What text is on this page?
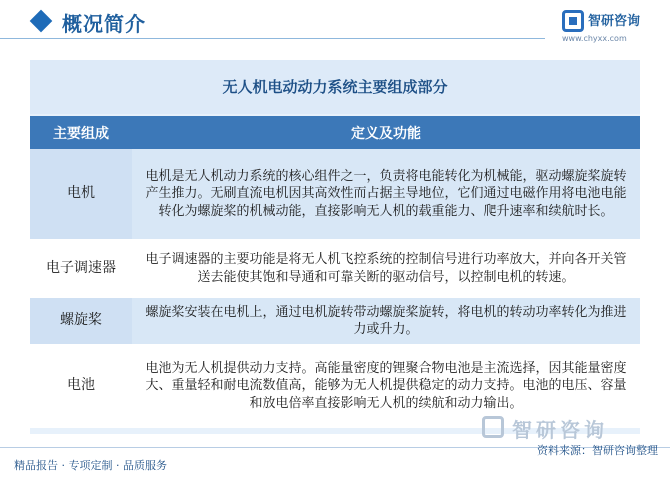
概况简介	智研咨询
www.chyxx.com
无人机电动动力系统主要组成部分
主要组成	定义及功能
电机	电机是无人机动力系统的核心组件之一，负责将电能转化为机械能，驱动螺旋桨旋转产生推力。无刷直流电机因其高效性而占据主导地位，它们通过电磁作用将电池电能转化为螺旋桨的机械动能，直接影响无人机的载重能力、爬升速率和续航时长。
电子调速器	电子调速器的主要功能是将无人机飞控系统的控制信号进行功率放大，并向各开关管送去能使其饱和导通和可靠关断的驱动信号，以控制电机的转速。
螺旋桨	螺旋桨安装在电机上，通过电机旋转带动螺旋桨旋转，将电机的转动功率转化为推进力或升力。
电池	电池为无人机提供动力支持。高能量密度的锂聚合物电池是主流选择，因其能量密度大、重量轻和耐电流数值高，能够为无人机提供稳定的动力支持。电池的电压、容量和放电倍率直接影响无人机的续航和动力输出。
智研咨询
精品报告 · 专项定制 · 品质服务
资料来源：智研咨询整理
